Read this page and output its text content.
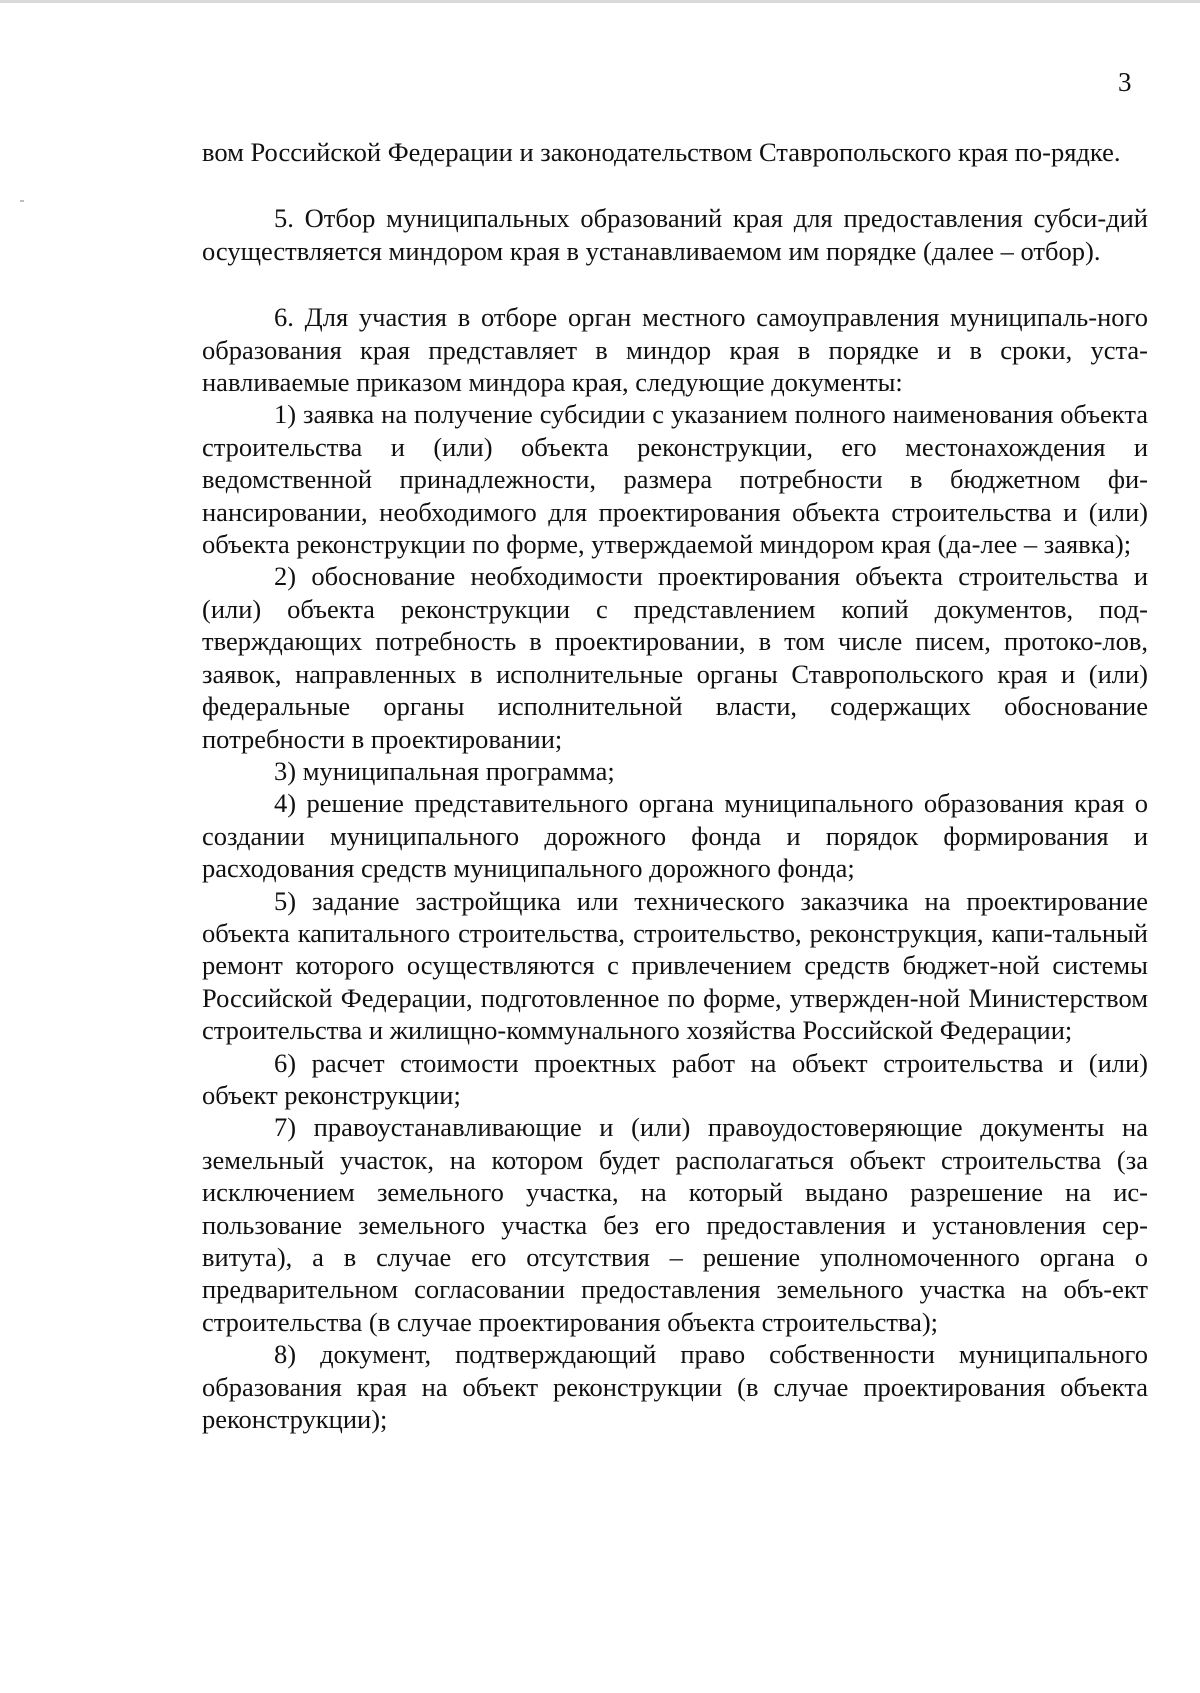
3

вом Российской Федерации и законодательством Ставропольского края по-рядке.

5. Отбор муниципальных образований края для предоставления субси-дий осуществляется миндором края в устанавливаемом им порядке (далее – отбор).

6. Для участия в отборе орган местного самоуправления муниципаль-ного образования края представляет в миндор края в порядке и в сроки, уста-навливаемые приказом миндора края, следующие документы:

1) заявка на получение субсидии с указанием полного наименования объекта строительства и (или) объекта реконструкции, его местонахождения и ведомственной принадлежности, размера потребности в бюджетном фи-нансировании, необходимого для проектирования объекта строительства и (или) объекта реконструкции по форме, утверждаемой миндором края (да-лее – заявка);

2) обоснование необходимости проектирования объекта строительства и (или) объекта реконструкции с представлением копий документов, под-тверждающих потребность в проектировании, в том числе писем, протоко-лов, заявок, направленных в исполнительные органы Ставропольского края и (или) федеральные органы исполнительной власти, содержащих обоснование потребности в проектировании;

3) муниципальная программа;

4) решение представительного органа муниципального образования края о создании муниципального дорожного фонда и порядок формирования и расходования средств муниципального дорожного фонда;

5) задание застройщика или технического заказчика на проектирование объекта капитального строительства, строительство, реконструкция, капи-тальный ремонт которого осуществляются с привлечением средств бюджет-ной системы Российской Федерации, подготовленное по форме, утвержден-ной Министерством строительства и жилищно-коммунального хозяйства Российской Федерации;

6) расчет стоимости проектных работ на объект строительства и (или) объект реконструкции;

7) правоустанавливающие и (или) правоудостоверяющие документы на земельный участок, на котором будет располагаться объект строительства (за исключением земельного участка, на который выдано разрешение на ис-пользование земельного участка без его предоставления и установления сер-витута), а в случае его отсутствия – решение уполномоченного органа о предварительном согласовании предоставления земельного участка на объ-ект строительства (в случае проектирования объекта строительства);

8) документ, подтверждающий право собственности муниципального образования края на объект реконструкции (в случае проектирования объекта реконструкции);
